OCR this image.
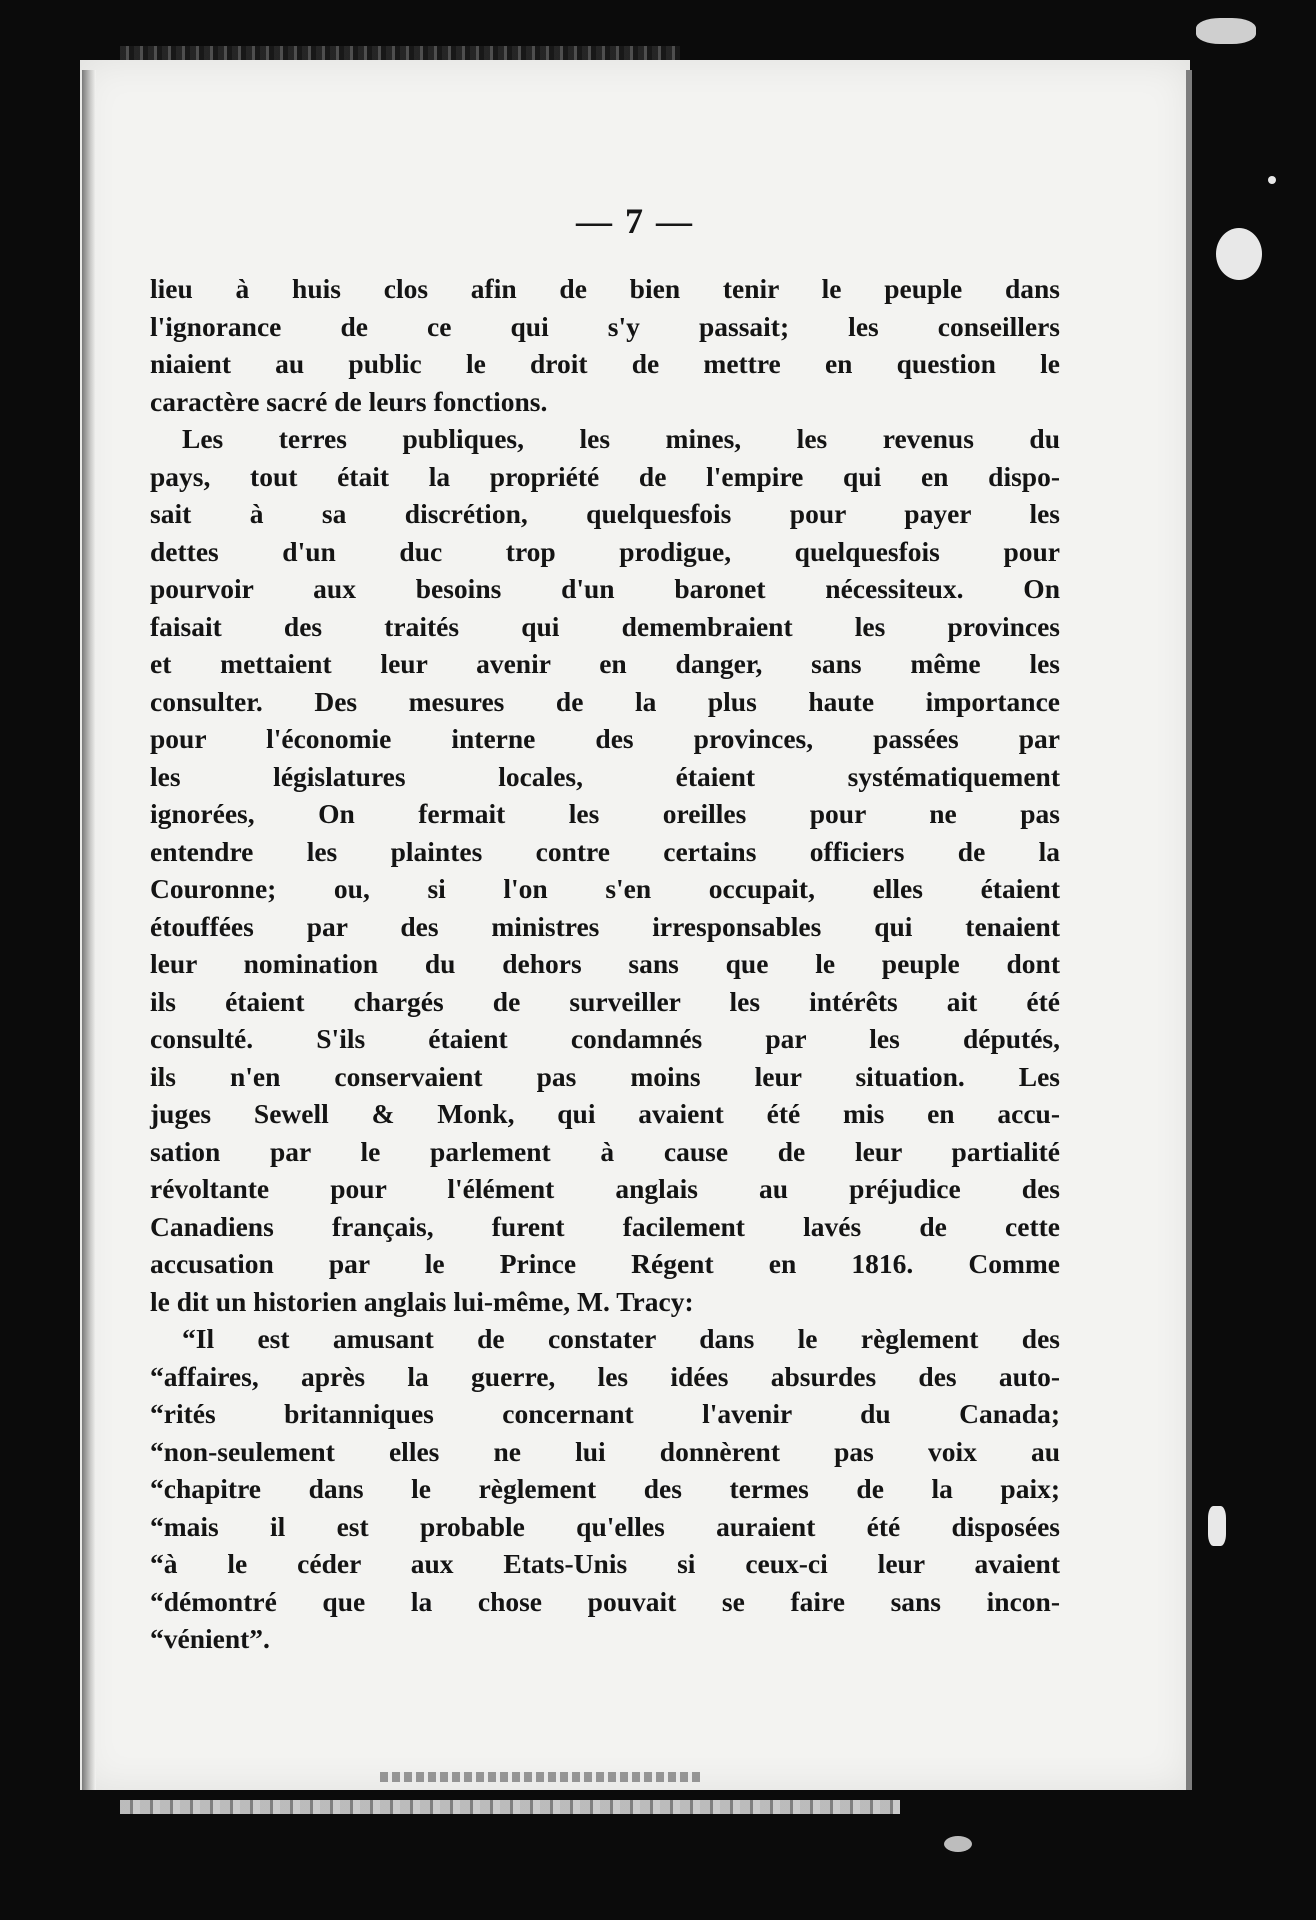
— 7 —

lieu à huis clos afin de bien tenir le peuple dans
l'ignorance de ce qui s'y passait; les conseillers
niaient au public le droit de mettre en question le
caractère sacré de leurs fonctions.
Les terres publiques, les mines, les revenus du
pays, tout était la propriété de l'empire qui en dispo-
sait à sa discrétion, quelquesfois pour payer les
dettes d'un duc trop prodigue, quelquesfois pour
pourvoir aux besoins d'un baronet nécessiteux. On
faisait des traités qui demembraient les provinces
et mettaient leur avenir en danger, sans même les
consulter. Des mesures de la plus haute importance
pour l'économie interne des provinces, passées par
les législatures locales, étaient systématiquement
ignorées, On fermait les oreilles pour ne pas
entendre les plaintes contre certains officiers de la
Couronne; ou, si l'on s'en occupait, elles étaient
étouffées par des ministres irresponsables qui tenaient
leur nomination du dehors sans que le peuple dont
ils étaient chargés de surveiller les intérêts ait été
consulté. S'ils étaient condamnés par les députés,
ils n'en conservaient pas moins leur situation. Les
juges Sewell & Monk, qui avaient été mis en accu-
sation par le parlement à cause de leur partialité
révoltante pour l'élément anglais au préjudice des
Canadiens français, furent facilement lavés de cette
accusation par le Prince Régent en 1816. Comme
le dit un historien anglais lui-même, M. Tracy:
“Il est amusant de constater dans le règlement des
“affaires, après la guerre, les idées absurdes des auto-
“rités britanniques concernant l'avenir du Canada;
“non-seulement elles ne lui donnèrent pas voix au
“chapitre dans le règlement des termes de la paix;
“mais il est probable qu'elles auraient été disposées
“à le céder aux Etats-Unis si ceux-ci leur avaient
“démontré que la chose pouvait se faire sans incon-
“vénient”.
